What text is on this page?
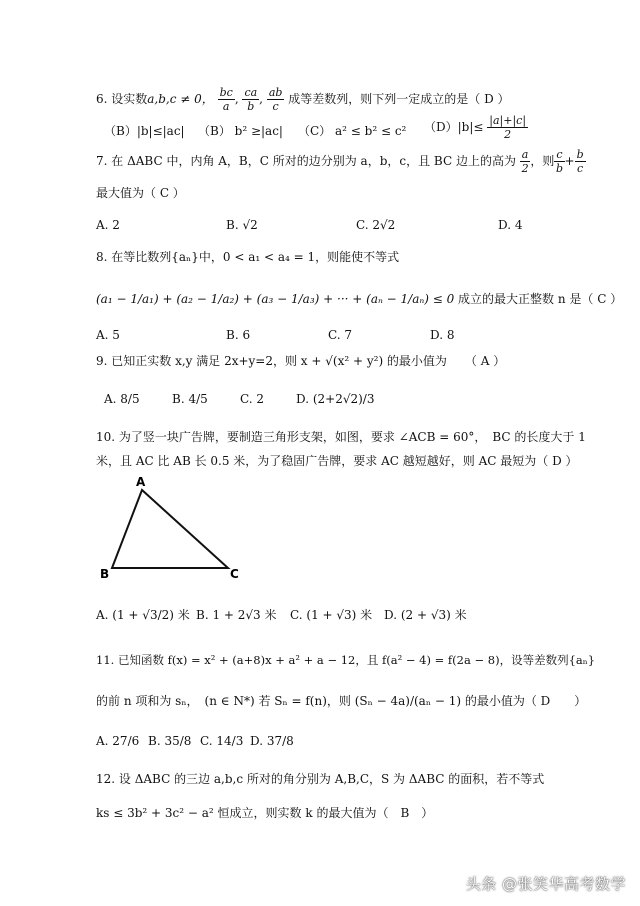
6. 设实数a,b,c ≠ 0， $\frac{bc}{a}$ , $\frac{ca}{b}$ , $\frac{ab}{c}$ 成等差数列，则下列一定成立的是（ D ）
（B）|b|≤|ac| （B） b² ≥|ac| （C） a² ≤ b² ≤ c² $(D)|b|\le \frac{|a|+|c|}{2}$
7. 在 ΔABC 中，内角 A，B，C 所对的边分别为 a，b，c，且 BC 边上的高为 $\frac{a}{2}$ ，则 $\frac{c}{b} + \frac{b}{c}$
最大值为（ C ）
A. 2	B. √2	C. 2√2	D. 4
8. 在等比数列{aₙ}中，0 < a₁ < a₄ = 1，则能使不等式
(a₁ − 1/a₁) + (a₂ − 1/a₂) + (a₃ − 1/a₃) + ··· + (aₙ − 1/aₙ) ≤ 0 成立的最大正整数 n 是（ C ）
A. 5	B. 6	C. 7	D. 8
9. 已知正实数 x,y 满足 2x+y=2，则 x + √(x² + y²) 的最小值为　　（ A ）
A. 8/5	B. 4/5	C. 2	D. (2+2√2)/3
10. 为了竖一块广告牌，要制造三角形支架，如图，要求 ∠ACB = 60°，　BC 的长度大于 1
米，且 AC 比 AB 长 0.5 米，为了稳固广告牌，要求 AC 越短越好，则 AC 最短为（ D ）
A
B	C
A. (1 + √3/2) 米 B. 1 + 2√3 米 C. (1 + √3) 米 D. (2 + √3) 米
11. 已知函数 f(x) = x² + (a+8)x + a² + a − 12，且 f(a² − 4) = f(2a − 8)，设等差数列{aₙ}
的前 n 项和为 sₙ，　(n ∈ N*) 若 Sₙ = f(n)，则 (Sₙ − 4a)/(aₙ − 1) 的最小值为（ D　　）
A. 27/6 B. 35/8 C. 14/3 D. 37/8
12. 设 ΔABC 的三边 a,b,c 所对的角分别为 A,B,C，S 为 ΔABC 的面积，若不等式
ks ≤ 3b² + 3c² − a² 恒成立，则实数 k 的最大值为（　B　）
头条 @张笑华高考数学
